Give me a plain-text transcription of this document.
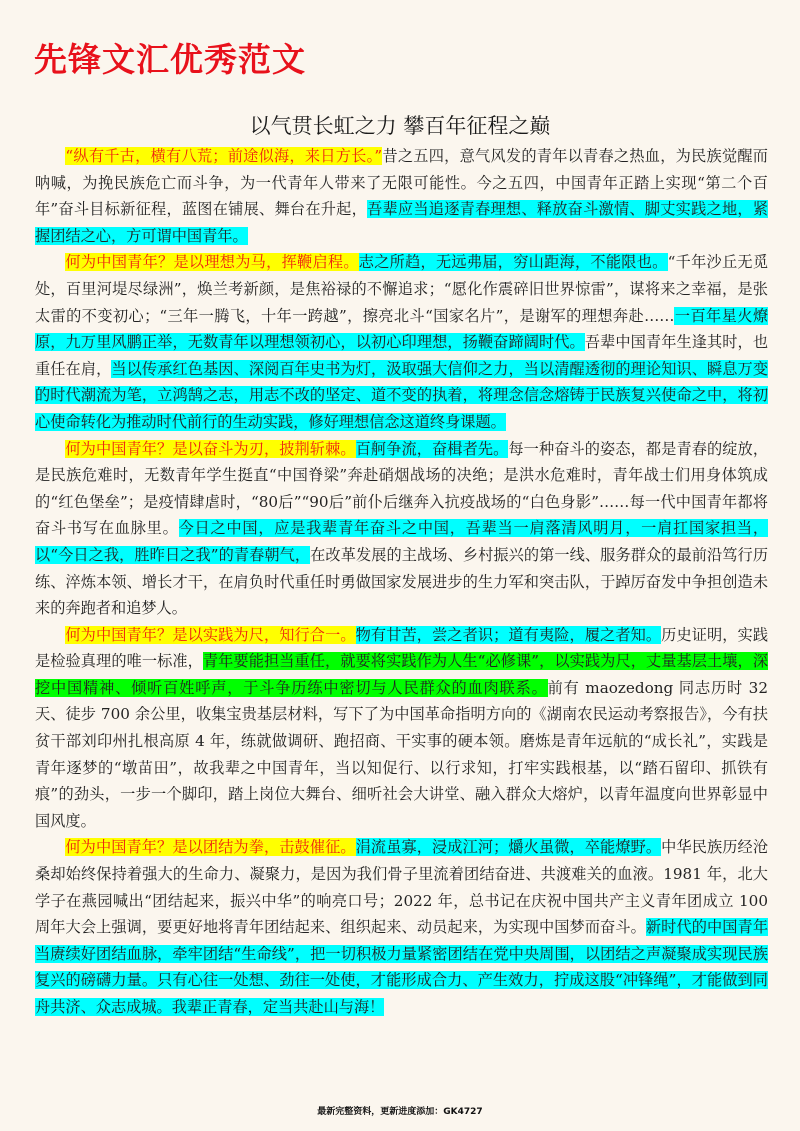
先锋文汇优秀范文
以气贯长虹之力 攀百年征程之巅

“纵有千古，横有八荒；前途似海，来日方长。”昔之五四，意气风发的青年以青春之热血，为民族觉醒而呐喊，为挽民族危亡而斗争，为一代青年人带来了无限可能性。今之五四，中国青年正踏上实现“第二个百年”奋斗目标新征程，蓝图在铺展、舞台在升起，吾辈应当追逐青春理想、释放奋斗激情、脚丈实践之地，紧握团结之心，方可谓中国青年。

何为中国青年？是以理想为马，挥鞭启程。志之所趋，无远弗届，穷山距海，不能限也。“千年沙丘无觅处，百里河堤尽绿洲”，焕兰考新颜，是焦裕禄的不懈追求；“愿化作震碎旧世界惊雷”，谋将来之幸福，是张太雷的不变初心；“三年一腾飞，十年一跨越”，擦亮北斗“国家名片”，是谢军的理想奔赴……一百年星火燎原，九万里风鹏正举，无数青年以理想领初心，以初心印理想，扬鞭奋蹄阔时代。吾辈中国青年生逢其时，也重任在肩，当以传承红色基因、深阅百年史书为灯，汲取强大信仰之力，当以清醒透彻的理论知识、瞬息万变的时代潮流为笔，立鸿鹄之志，用志不改的坚定、道不变的执着，将理念信念熔铸于民族复兴使命之中，将初心使命转化为推动时代前行的生动实践，修好理想信念这道终身课题。

何为中国青年？是以奋斗为刃，披荆斩棘。百舸争流，奋楫者先。每一种奋斗的姿态，都是青春的绽放，是民族危难时，无数青年学生挺直“中国脊梁”奔赴硝烟战场的决绝；是洪水危难时，青年战士们用身体筑成的“红色堡垒”；是疫情肆虐时，“80后”“90后”前仆后继奔入抗疫战场的“白色身影”……每一代中国青年都将奋斗书写在血脉里。今日之中国，应是我辈青年奋斗之中国，吾辈当一肩落清风明月，一肩扛国家担当，以“今日之我，胜昨日之我”的青春朝气，在改革发展的主战场、乡村振兴的第一线、服务群众的最前沿笃行历练、淬炼本领、增长才干，在肩负时代重任时勇做国家发展进步的生力军和突击队，于踔厉奋发中争担创造未来的奔跑者和追梦人。

何为中国青年？是以实践为尺，知行合一。物有甘苦，尝之者识；道有夷险，履之者知。历史证明，实践是检验真理的唯一标准，青年要能担当重任，就要将实践作为人生“必修课”，以实践为尺，丈量基层土壤，深挖中国精神、倾听百姓呼声，于斗争历练中密切与人民群众的血肉联系。前有 maozedong 同志历时 32 天、徒步 700 余公里，收集宝贵基层材料，写下了为中国革命指明方向的《湖南农民运动考察报告》，今有扶贫干部刘印州扎根高原 4 年，练就做调研、跑招商、干实事的硬本领。磨炼是青年远航的“成长礼”，实践是青年逐梦的“墩苗田”，故我辈之中国青年，当以知促行、以行求知，打牢实践根基，以“踏石留印、抓铁有痕”的劲头，一步一个脚印，踏上岗位大舞台、细听社会大讲堂、融入群众大熔炉，以青年温度向世界彰显中国风度。

何为中国青年？是以团结为拳，击鼓催征。涓流虽寡，浸成江河；爝火虽微，卒能燎野。中华民族历经沧桑却始终保持着强大的生命力、凝聚力，是因为我们骨子里流着团结奋进、共渡难关的血液。1981 年，北大学子在燕园喊出“团结起来，振兴中华”的响亮口号；2022 年，总书记在庆祝中国共产主义青年团成立 100 周年大会上强调，要更好地将青年团结起来、组织起来、动员起来，为实现中国梦而奋斗。新时代的中国青年当赓续好团结血脉，牵牢团结“生命线”，把一切积极力量紧密团结在党中央周围，以团结之声凝聚成实现民族复兴的磅礴力量。只有心往一处想、劲往一处使，才能形成合力、产生效力，拧成这股“冲锋绳”，才能做到同舟共济、众志成城。我辈正青春，定当共赴山与海！

最新完整资料，更新进度添加：GK4727
